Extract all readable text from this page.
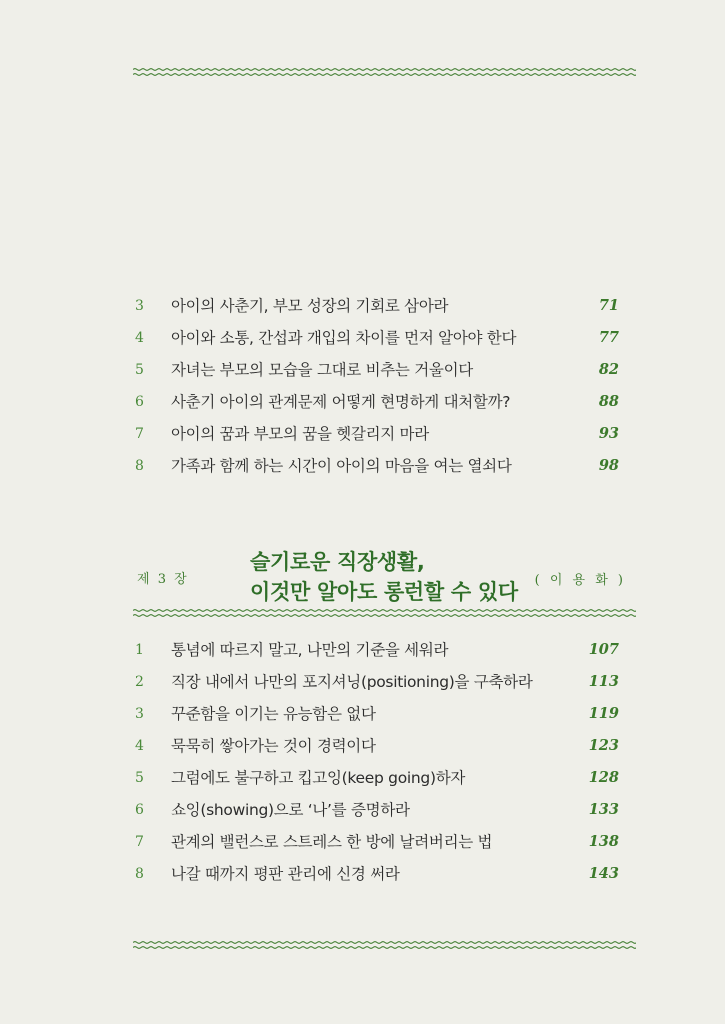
3	아이의 사춘기, 부모 성장의 기회로 삼아라	71
4	아이와 소통, 간섭과 개입의 차이를 먼저 알아야 한다	77
5	자녀는 부모의 모습을 그대로 비추는 거울이다	82
6	사춘기 아이의 관계문제 어떻게 현명하게 대처할까?	88
7	아이의 꿈과 부모의 꿈을 헷갈리지 마라	93
8	가족과 함께 하는 시간이 아이의 마음을 여는 열쇠다	98
제 3 장
슬기로운 직장생활,
이것만 알아도 롱런할 수 있다 ( 이 용 화 )
1	통념에 따르지 말고, 나만의 기준을 세워라	107
2	직장 내에서 나만의 포지셔닝(positioning)을 구축하라	113
3	꾸준함을 이기는 유능함은 없다	119
4	묵묵히 쌓아가는 것이 경력이다	123
5	그럼에도 불구하고 킵고잉(keep going)하자	128
6	쇼잉(showing)으로 ‘나’를 증명하라	133
7	관계의 밸런스로 스트레스 한 방에 날려버리는 법	138
8	나갈 때까지 평판 관리에 신경 써라	143
